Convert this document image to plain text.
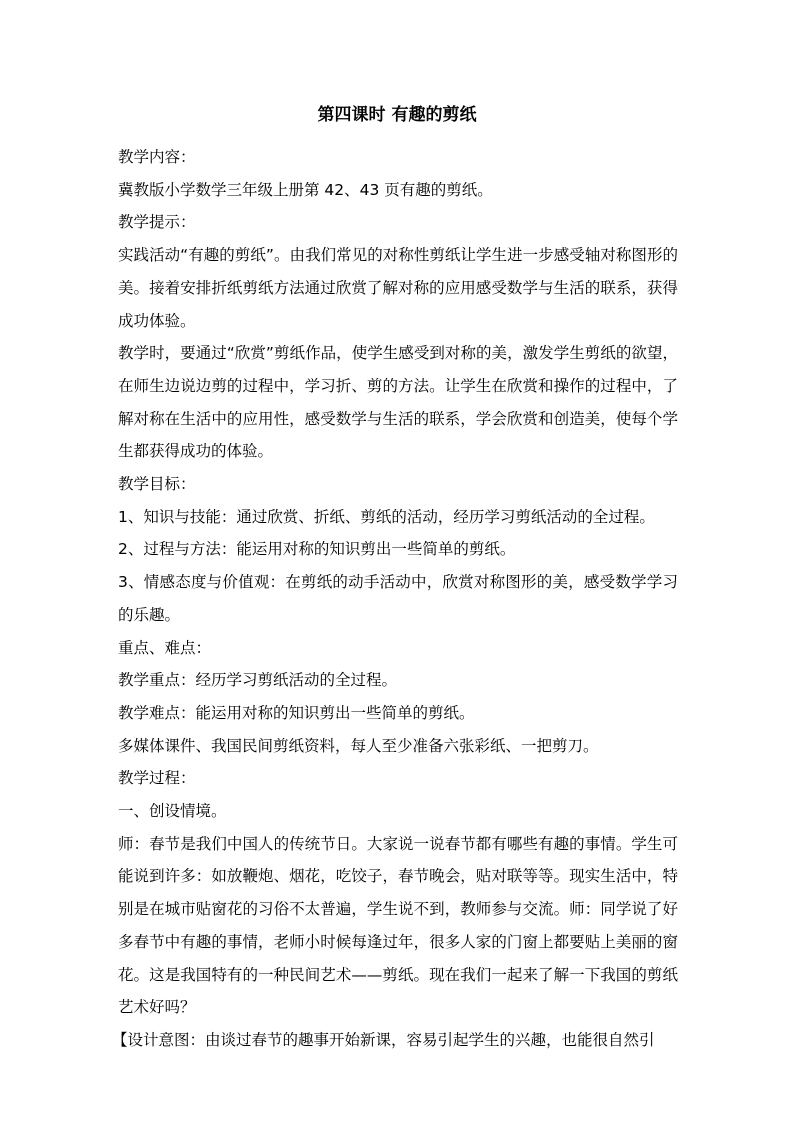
第四课时 有趣的剪纸

教学内容：

冀教版小学数学三年级上册第 42、43 页有趣的剪纸。

教学提示：

实践活动“有趣的剪纸”。由我们常见的对称性剪纸让学生进一步感受轴对称图形的美。接着安排折纸剪纸方法通过欣赏了解对称的应用感受数学与生活的联系，获得成功体验。

教学时，要通过“欣赏”剪纸作品，使学生感受到对称的美，激发学生剪纸的欲望，在师生边说边剪的过程中，学习折、剪的方法。让学生在欣赏和操作的过程中，了解对称在生活中的应用性，感受数学与生活的联系，学会欣赏和创造美，使每个学生都获得成功的体验。

教学目标：

1、知识与技能：通过欣赏、折纸、剪纸的活动，经历学习剪纸活动的全过程。

2、过程与方法：能运用对称的知识剪出一些简单的剪纸。

3、情感态度与价值观：在剪纸的动手活动中，欣赏对称图形的美，感受数学学习的乐趣。

重点、难点：

教学重点：经历学习剪纸活动的全过程。

教学难点：能运用对称的知识剪出一些简单的剪纸。

多媒体课件、我国民间剪纸资料，每人至少准备六张彩纸、一把剪刀。

教学过程：

一、创设情境。

师：春节是我们中国人的传统节日。大家说一说春节都有哪些有趣的事情。学生可能说到许多：如放鞭炮、烟花，吃饺子，春节晚会，贴对联等等。现实生活中，特别是在城市贴窗花的习俗不太普遍，学生说不到，教师参与交流。师：同学说了好多春节中有趣的事情，老师小时候每逢过年，很多人家的门窗上都要贴上美丽的窗花。这是我国特有的一种民间艺术——剪纸。现在我们一起来了解一下我国的剪纸艺术好吗？

【设计意图：由谈过春节的趣事开始新课，容易引起学生的兴趣，也能很自然引
